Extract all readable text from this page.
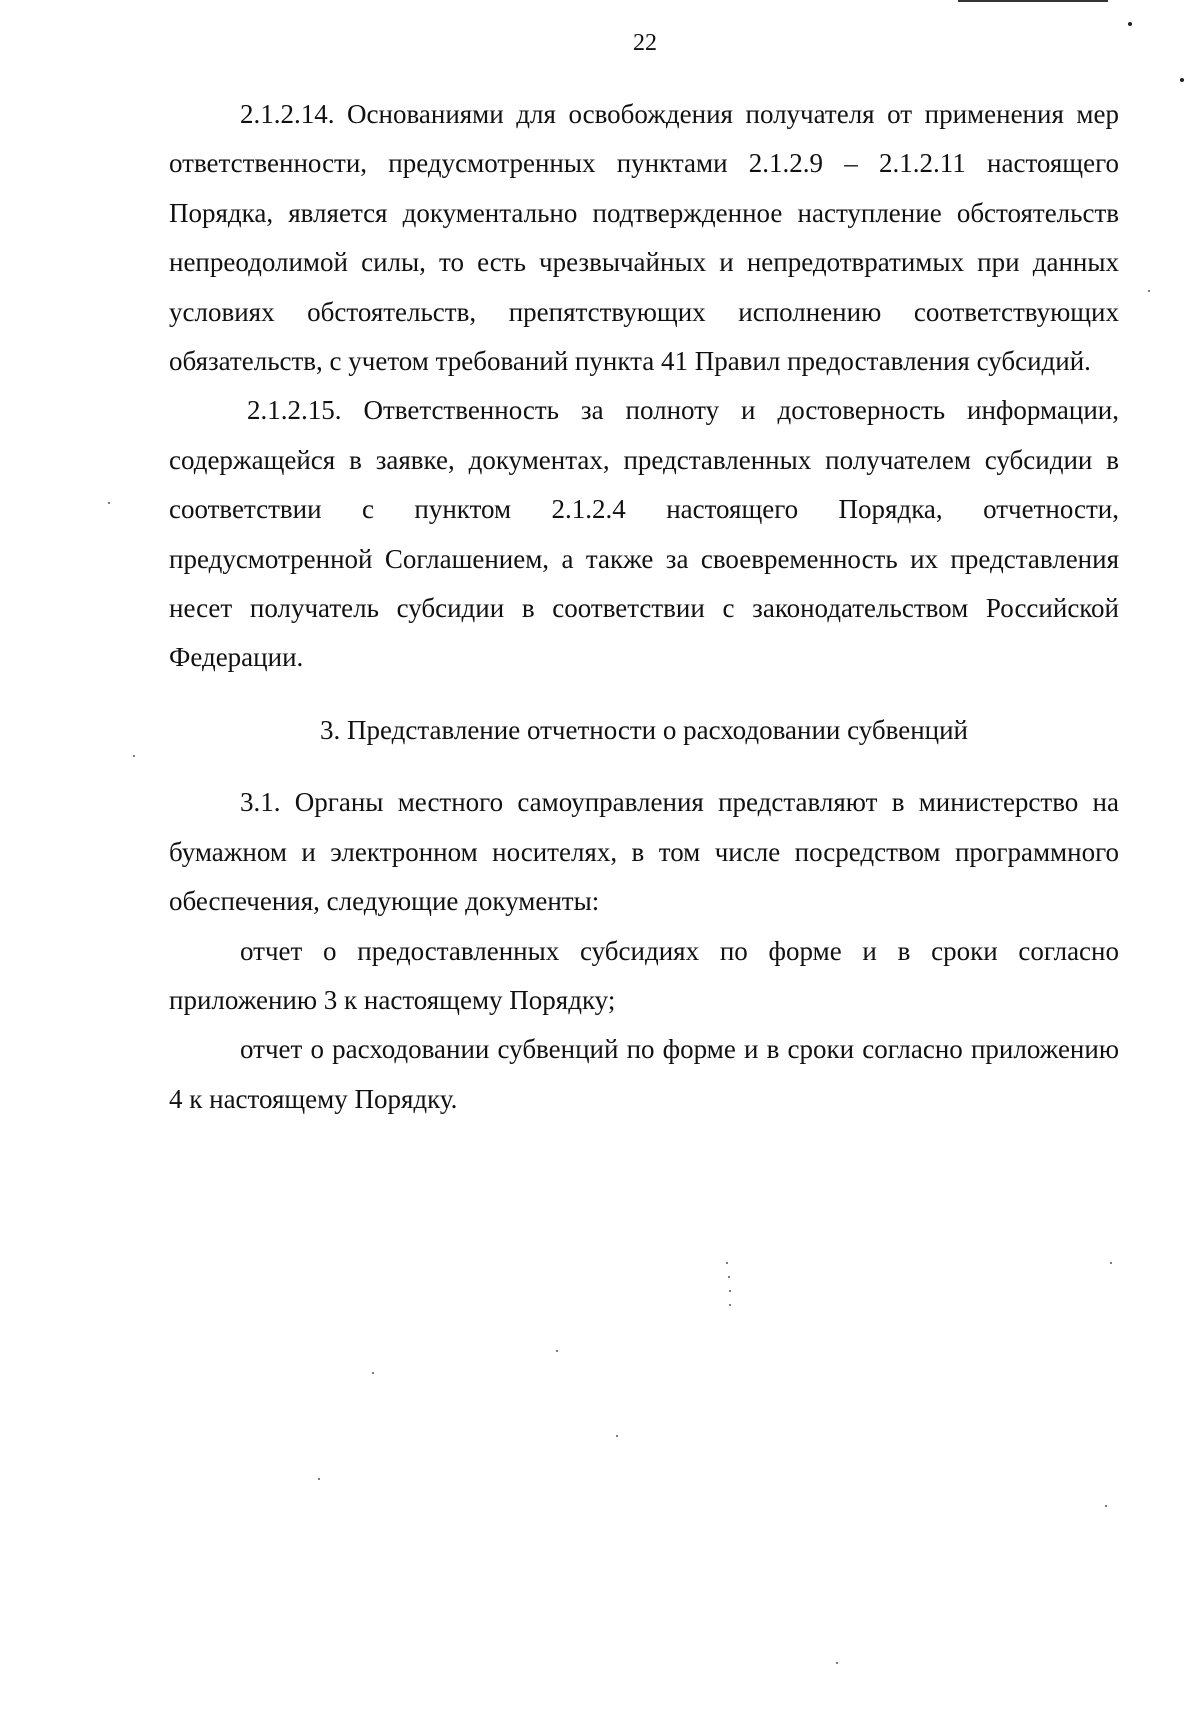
22

2.1.2.14. Основаниями для освобождения получателя от применения мер ответственности, предусмотренных пунктами 2.1.2.9 – 2.1.2.11 настоящего Порядка, является документально подтвержденное наступление обстоятельств непреодолимой силы, то есть чрезвычайных и непредотвратимых при данных условиях обстоятельств, препятствующих исполнению соответствующих обязательств, с учетом требований пункта 41 Правил предоставления субсидий.

2.1.2.15. Ответственность за полноту и достоверность информации, содержащейся в заявке, документах, представленных получателем субсидии в соответствии с пунктом 2.1.2.4 настоящего Порядка, отчетности, предусмотренной Соглашением, а также за своевременность их представления несет получатель субсидии в соответствии с законодательством Российской Федерации.

3. Представление отчетности о расходовании субвенций

3.1. Органы местного самоуправления представляют в министерство на бумажном и электронном носителях, в том числе посредством программного обеспечения, следующие документы:

отчет о предоставленных субсидиях по форме и в сроки согласно приложению 3 к настоящему Порядку;

отчет о расходовании субвенций по форме и в сроки согласно приложению 4 к настоящему Порядку.
